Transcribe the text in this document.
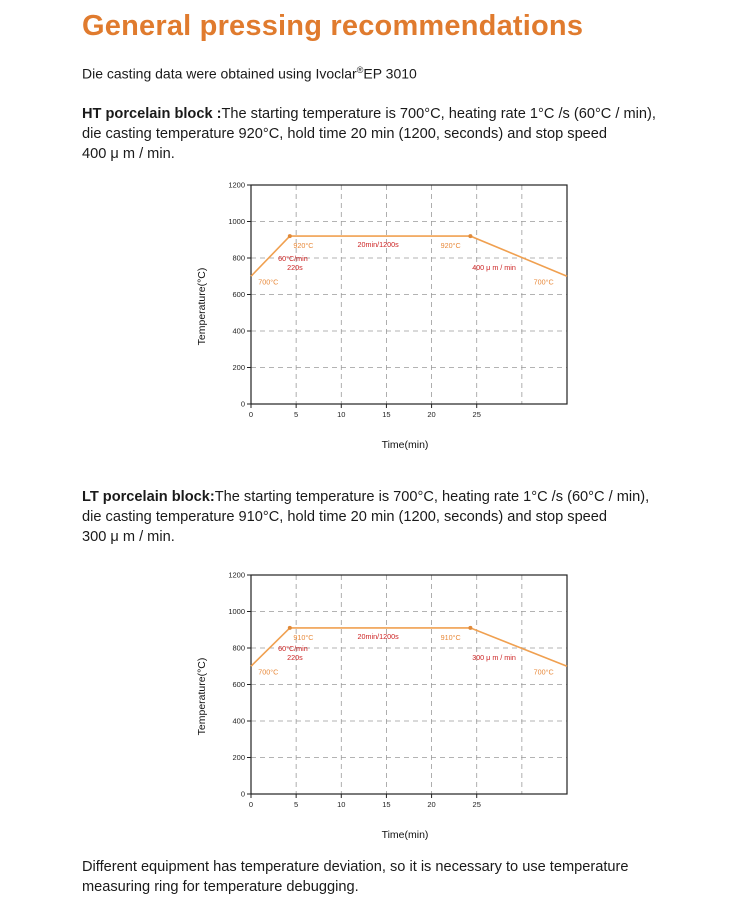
General pressing recommendations
Die casting data were obtained using Ivoclar®EP 3010
HT porcelain block :The starting temperature is 700°C, heating rate 1°C /s (60°C / min),
die casting temperature 920°C, hold time 20 min (1200, seconds) and stop speed
400 μ m / min.
0	5	10	15	20	25
0
200
400
600
800
1000
1200
Time(min)
Temperature(°C)	700°C
920°C	20min/1200s	920°C
60°C/min
220s	400 μ m / min
700°C
LT porcelain block:The starting temperature is 700°C, heating rate 1°C /s (60°C / min),
die casting temperature 910°C, hold time 20 min (1200, seconds) and stop speed
300 μ m / min.
0	5	10	15	20	25
0
200
400
600
800
1000
1200
Time(min)
Temperature(°C)	700°C
910°C	20min/1200s	910°C
60°C/min
220s	300 μ m / min
700°C
Different equipment has temperature deviation, so it is necessary to use temperature
measuring ring for temperature debugging.
